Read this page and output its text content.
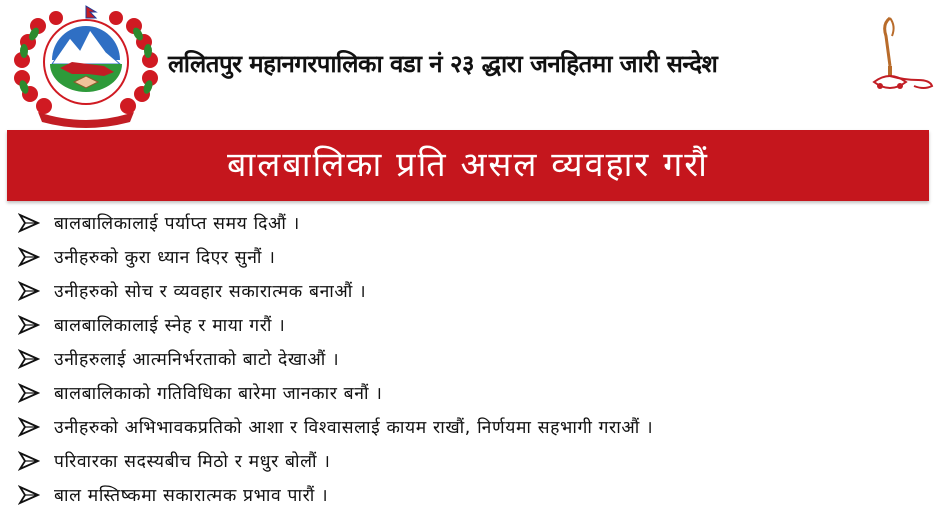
जननी जन्मभूमिश्च स्वर्गादपि गरीयसी
ललितपुर महानगरपालिका वडा नं २३ द्धारा जनहितमा जारी सन्देश
बालबालिका प्रति असल व्यवहार गरौं
बालबालिकालाई पर्याप्त समय दिऔं ।
उनीहरुको कुरा ध्यान दिएर सुनौं ।
उनीहरुको सोच र व्यवहार सकारात्मक बनाऔं ।
बालबालिकालाई स्नेह र माया गरौं ।
उनीहरुलाई आत्मनिर्भरताको बाटो देखाऔं ।
बालबालिकाको गतिविधिका बारेमा जानकार बनौं ।
उनीहरुको अभिभावकप्रतिको आशा र विश्वासलाई कायम राखौं, निर्णयमा सहभागी गराऔं ।
परिवारका सदस्यबीच मिठो र मधुर बोलौं ।
बाल मस्तिष्कमा सकारात्मक प्रभाव पारौं ।
